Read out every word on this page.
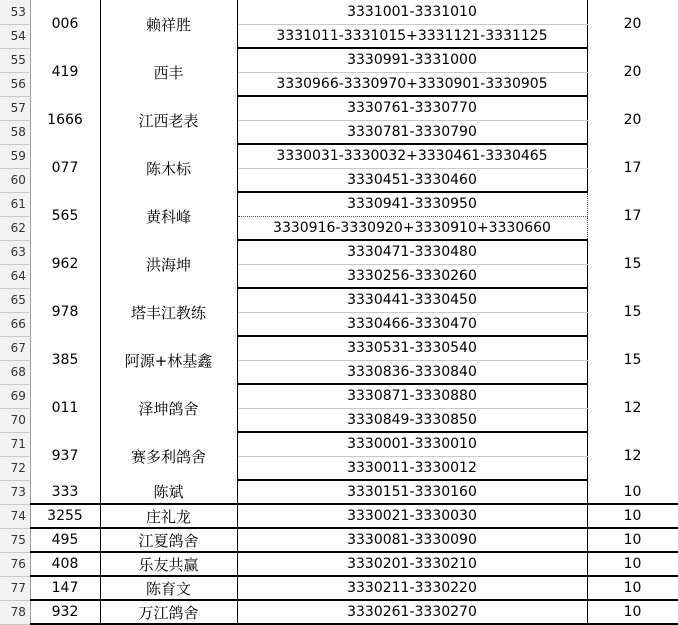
53	006	赖祥胜	3331001-3331010	20
54			3331011-3331015+3331121-3331125	
55	419	西丰	3330991-3331000	20
56			3330966-3330970+3330901-3330905	
57	1666	江西老表	3330761-3330770	20
58			3330781-3330790	
59	077	陈木标	3330031-3330032+3330461-3330465	17
60			3330451-3330460	
61	565	黄科峰	3330941-3330950	17
62			3330916-3330920+3330910+3330660	
63	962	洪海坤	3330471-3330480	15
64			3330256-3330260	
65	978	塔丰江教练	3330441-3330450	15
66			3330466-3330470	
67	385	阿源+林基鑫	3330531-3330540	15
68			3330836-3330840	
69	011	泽坤鸽舍	3330871-3330880	12
70			3330849-3330850	
71	937	赛多利鸽舍	3330001-3330010	12
72			3330011-3330012	
73	333	陈斌	3330151-3330160	10
74	3255	庄礼龙	3330021-3330030	10
75	495	江夏鸽舍	3330081-3330090	10
76	408	乐友共赢	3330201-3330210	10
77	147	陈育文	3330211-3330220	10
78	932	万江鸽舍	3330261-3330270	10
